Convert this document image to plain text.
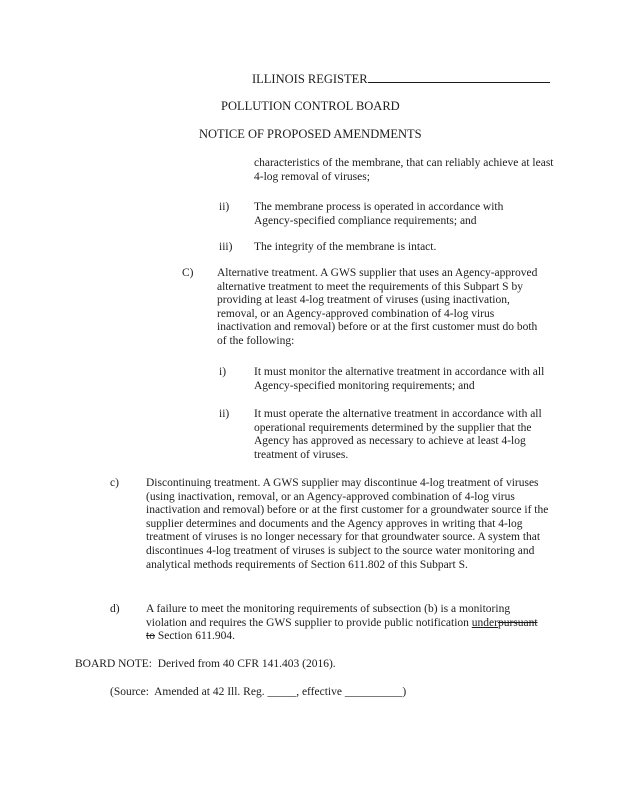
ILLINOIS REGISTER
POLLUTION CONTROL BOARD
NOTICE OF PROPOSED AMENDMENTS
characteristics of the membrane, that can reliably achieve at least 4-log removal of viruses;
ii) The membrane process is operated in accordance with Agency-specified compliance requirements; and
iii) The integrity of the membrane is intact.
C) Alternative treatment. A GWS supplier that uses an Agency-approved alternative treatment to meet the requirements of this Subpart S by providing at least 4-log treatment of viruses (using inactivation, removal, or an Agency-approved combination of 4-log virus inactivation and removal) before or at the first customer must do both of the following:
i) It must monitor the alternative treatment in accordance with all Agency-specified monitoring requirements; and
ii) It must operate the alternative treatment in accordance with all operational requirements determined by the supplier that the Agency has approved as necessary to achieve at least 4-log treatment of viruses.
c) Discontinuing treatment. A GWS supplier may discontinue 4-log treatment of viruses (using inactivation, removal, or an Agency-approved combination of 4-log virus inactivation and removal) before or at the first customer for a groundwater source if the supplier determines and documents and the Agency approves in writing that 4-log treatment of viruses is no longer necessary for that groundwater source. A system that discontinues 4-log treatment of viruses is subject to the source water monitoring and analytical methods requirements of Section 611.802 of this Subpart S.
d) A failure to meet the monitoring requirements of subsection (b) is a monitoring violation and requires the GWS supplier to provide public notification underpursuant to Section 611.904.
BOARD NOTE:  Derived from 40 CFR 141.403 (2016).
(Source:  Amended at 42 Ill. Reg. _____, effective __________)
